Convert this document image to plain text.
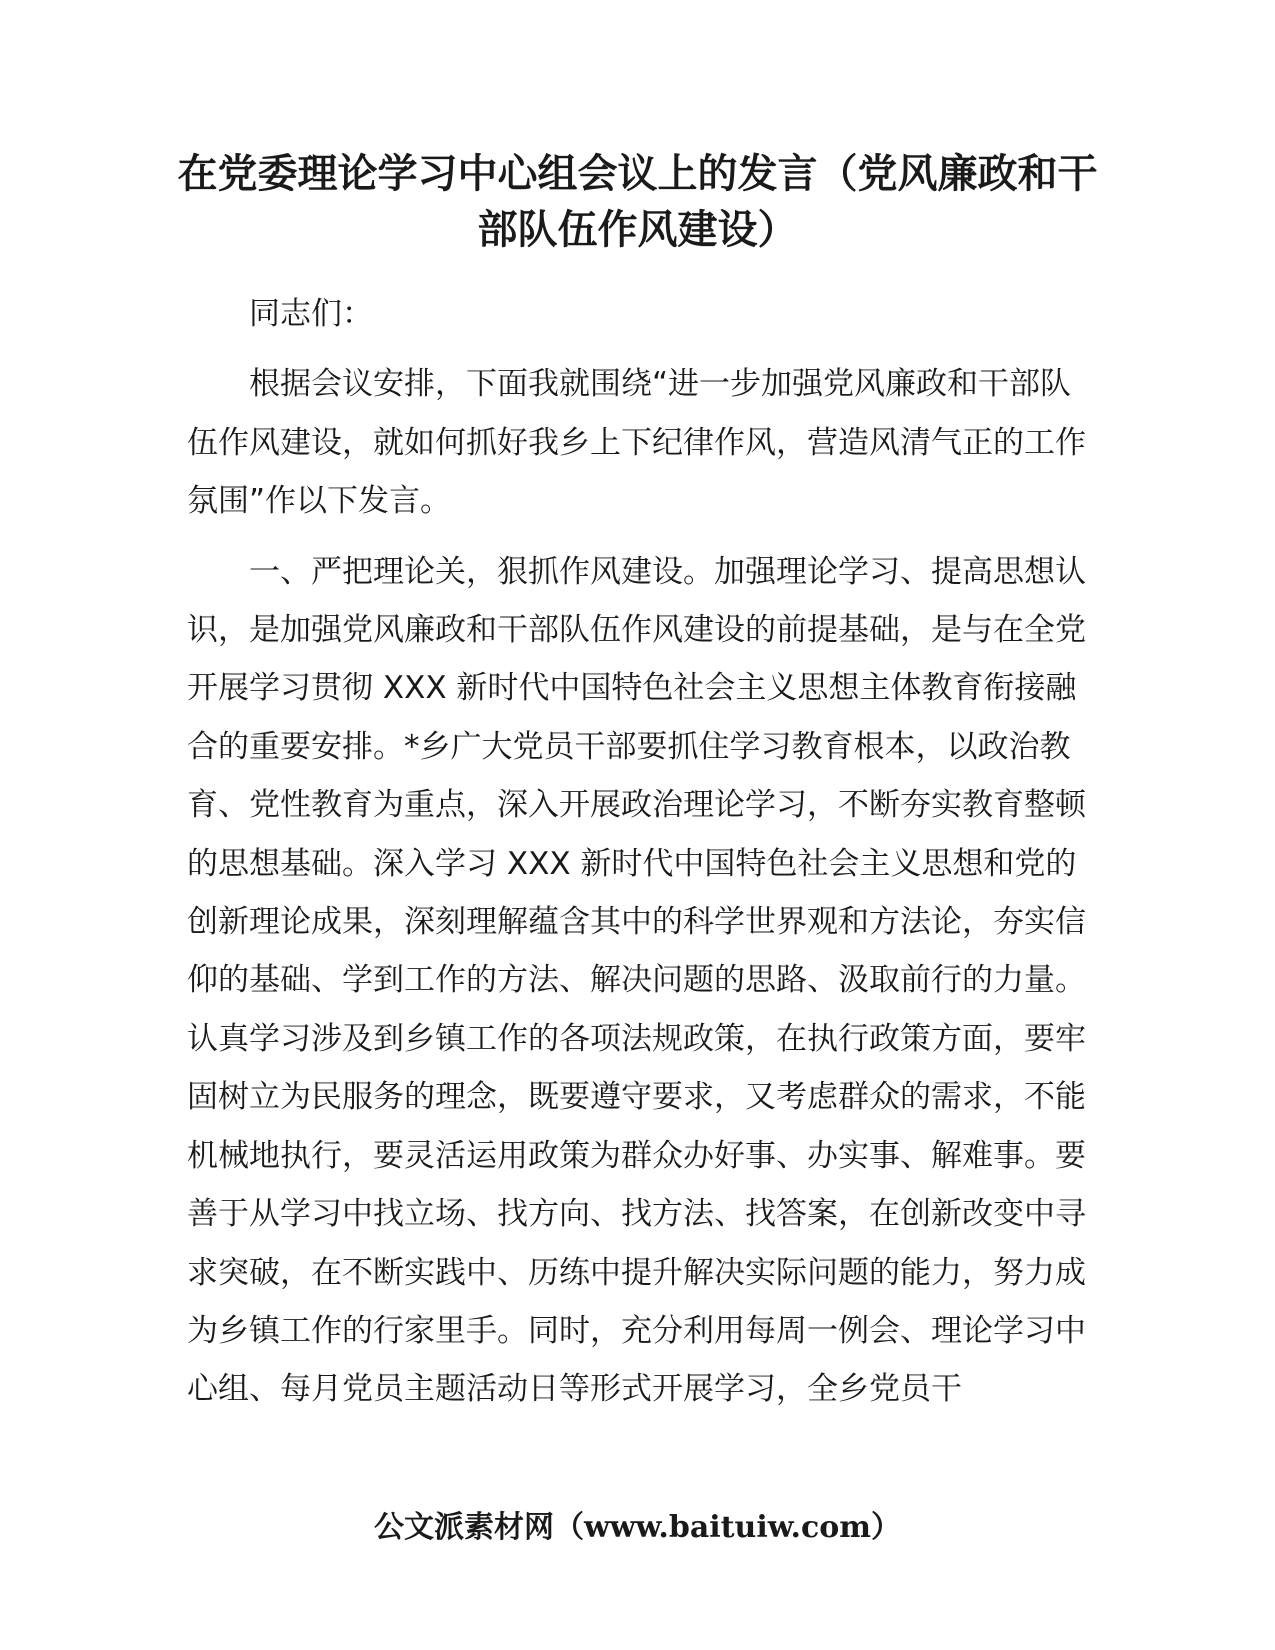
在党委理论学习中心组会议上的发言（党风廉政和干部队伍作风建设）

同志们：

根据会议安排，下面我就围绕“进一步加强党风廉政和干部队伍作风建设，就如何抓好我乡上下纪律作风，营造风清气正的工作氛围”作以下发言。

一、严把理论关，狠抓作风建设。加强理论学习、提高思想认识，是加强党风廉政和干部队伍作风建设的前提基础，是与在全党开展学习贯彻 XXX 新时代中国特色社会主义思想主体教育衔接融合的重要安排。*乡广大党员干部要抓住学习教育根本，以政治教育、党性教育为重点，深入开展政治理论学习，不断夯实教育整顿的思想基础。深入学习 XXX 新时代中国特色社会主义思想和党的创新理论成果，深刻理解蕴含其中的科学世界观和方法论，夯实信仰的基础、学到工作的方法、解决问题的思路、汲取前行的力量。认真学习涉及到乡镇工作的各项法规政策，在执行政策方面，要牢固树立为民服务的理念，既要遵守要求，又考虑群众的需求，不能机械地执行，要灵活运用政策为群众办好事、办实事、解难事。要善于从学习中找立场、找方向、找方法、找答案，在创新改变中寻求突破，在不断实践中、历练中提升解决实际问题的能力，努力成为乡镇工作的行家里手。同时，充分利用每周一例会、理论学习中心组、每月党员主题活动日等形式开展学习，全乡党员干

公文派素材网（www.baituiw.com）
